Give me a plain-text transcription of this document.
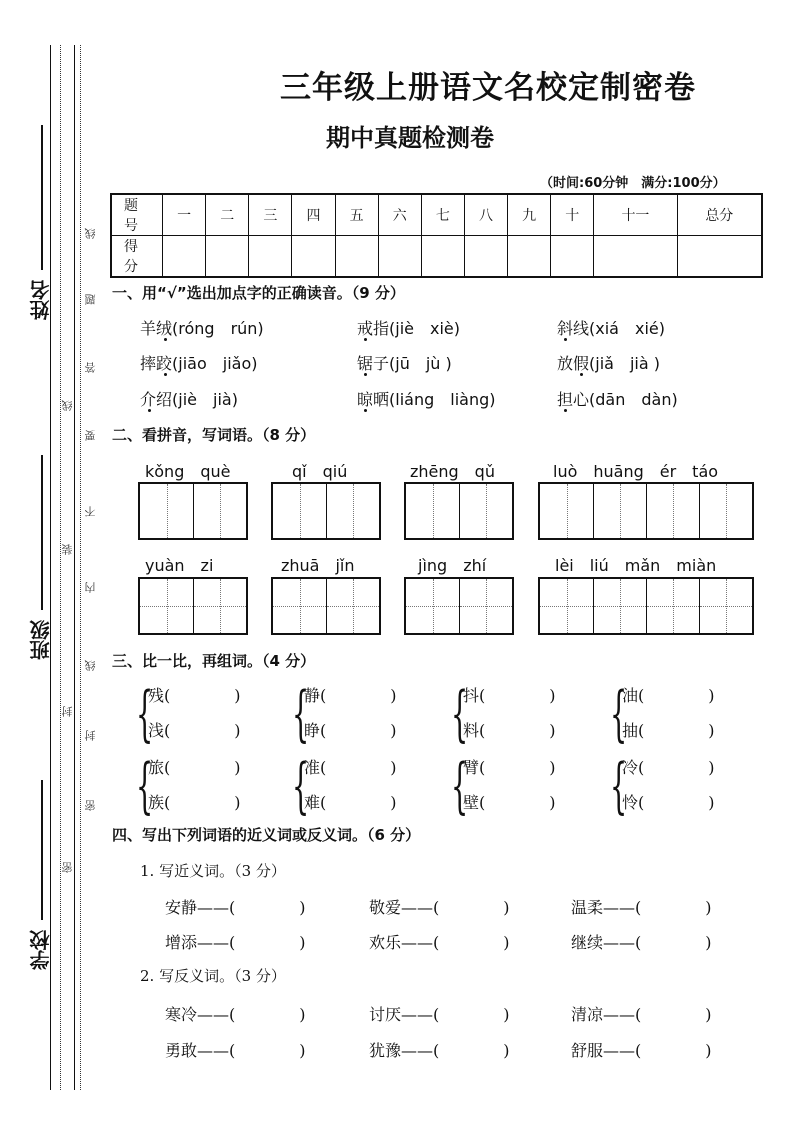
姓名
班级
学校
线
题
答
要
不
内
线
封
密
线
装
封
密
三年级上册语文名校定制密卷
期中真题检测卷
（时间:60分钟　满分:100分）
题号	一	二	三	四	五	六	七	八	九	十	十一	总分
得分												
一、用“√”选出加点字的正确读音。（9 分）
羊绒(róng　rún)	戒指(jiè　xiè)	斜线(xiá　xié)
摔跤(jiāo　jiǎo)	锯子(jū　jù )	放假(jiǎ　jià )
介绍(jiè　jià)	晾晒(liáng　liàng)	担心(dān　dàn)
二、看拼音，写词语。（8 分）
kǒng　què	qǐ　qiú	zhēng　qǔ	luò　huāng　ér　táo
yuàn　zi	zhuā　jǐn	jìng　zhí	lèi　liú　mǎn　miàn
三、比一比，再组词。（4 分）
{
残(　　　　)
浅(　　　　) {
静(　　　　)
睁(　　　　) {
抖(　　　　)
料(　　　　) {
油(　　　　)
抽(　　　　)
{
旅(　　　　)
族(　　　　) {
准(　　　　)
难(　　　　) {
臂(　　　　)
壁(　　　　) {
冷(　　　　)
怜(　　　　)
四、写出下列词语的近义词或反义词。（6 分）
1. 写近义词。（3 分）
安静——(　　　　)	敬爱——(　　　　)	温柔——(　　　　)
增添——(　　　　)	欢乐——(　　　　)	继续——(　　　　)
2. 写反义词。（3 分）
寒冷——(　　　　)	讨厌——(　　　　)	清凉——(　　　　)
勇敢——(　　　　)	犹豫——(　　　　)	舒服——(　　　　)
